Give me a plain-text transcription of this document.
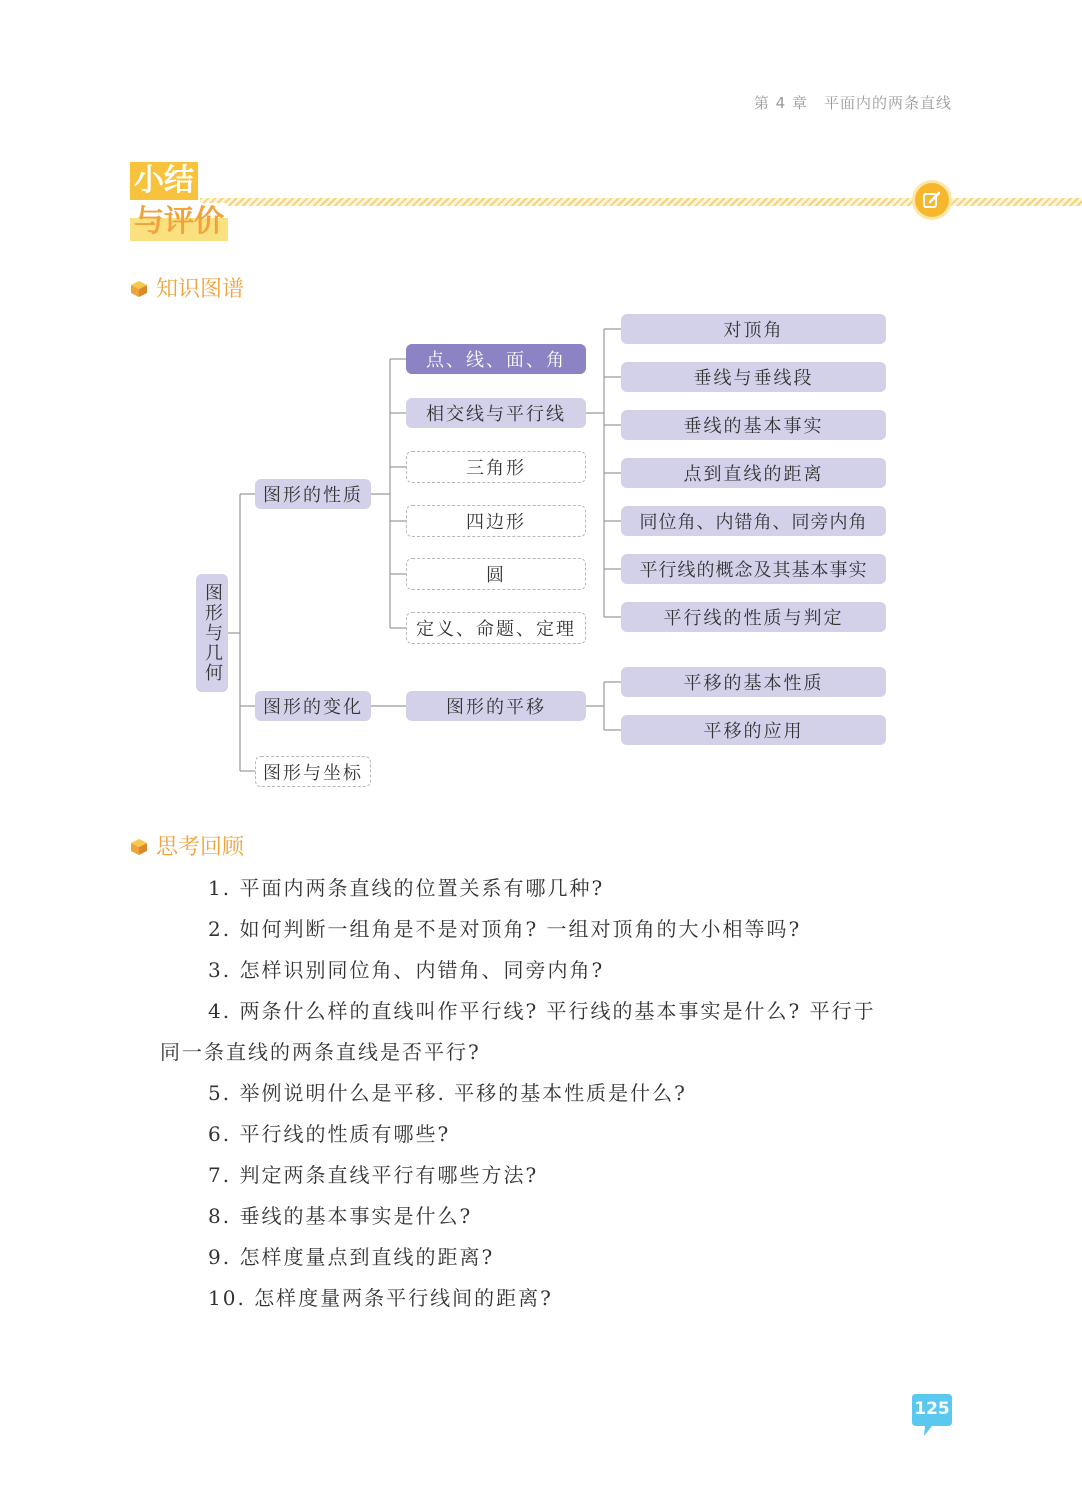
第 4 章　平面内的两条直线
小结
与评价
知识图谱
图形与几何
图形的性质
图形的变化
图形与坐标
点、线、面、角
相交线与平行线
三角形
四边形
圆
定义、命题、定理
图形的平移
对顶角
垂线与垂线段
垂线的基本事实
点到直线的距离
同位角、内错角、同旁内角
平行线的概念及其基本事实
平行线的性质与判定
平移的基本性质
平移的应用
思考回顾
1. 平面内两条直线的位置关系有哪几种?
2. 如何判断一组角是不是对顶角? 一组对顶角的大小相等吗?
3. 怎样识别同位角、内错角、同旁内角?
4. 两条什么样的直线叫作平行线? 平行线的基本事实是什么? 平行于
同一条直线的两条直线是否平行?
5. 举例说明什么是平移. 平移的基本性质是什么?
6. 平行线的性质有哪些?
7. 判定两条直线平行有哪些方法?
8. 垂线的基本事实是什么?
9. 怎样度量点到直线的距离?
10. 怎样度量两条平行线间的距离?
125
